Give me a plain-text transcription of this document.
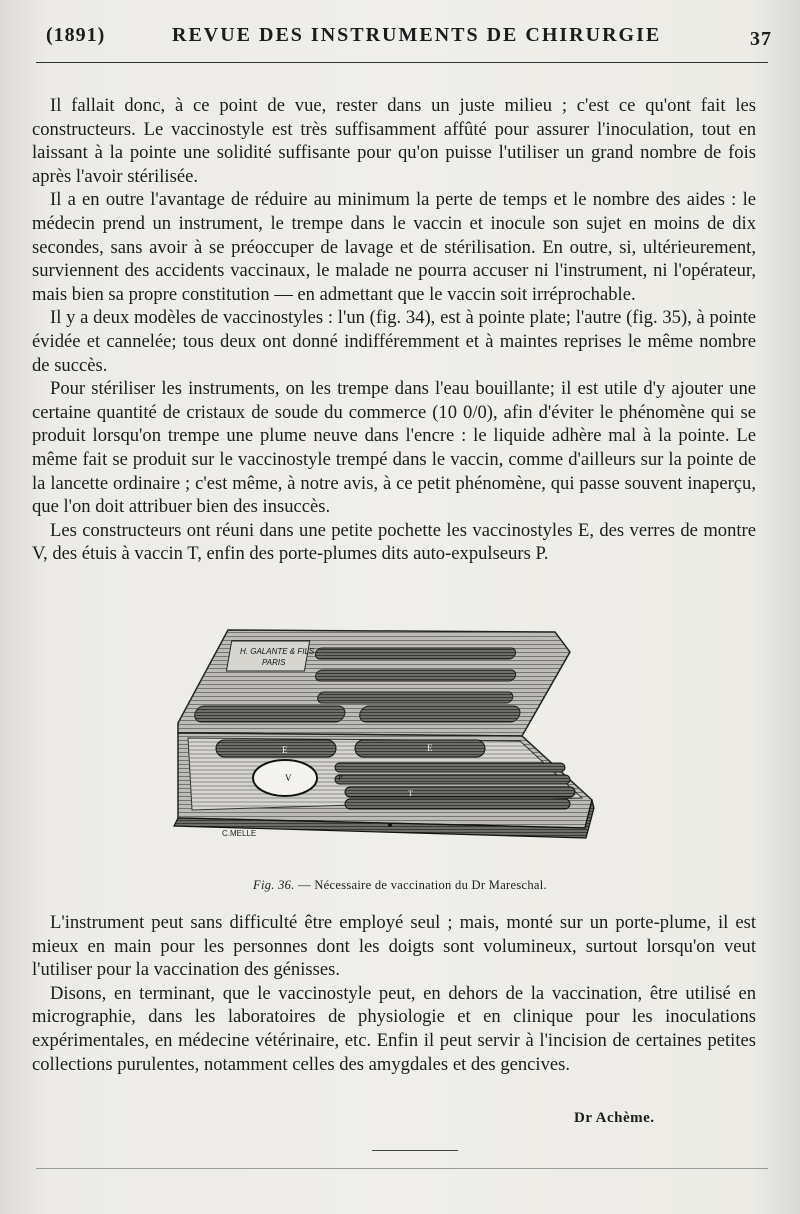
(1891)	REVUE DES INSTRUMENTS DE CHIRURGIE	37

Il fallait donc, à ce point de vue, rester dans un juste milieu ; c'est ce qu'ont fait les constructeurs. Le vaccinostyle est très suffisamment affûté pour assurer l'inoculation, tout en laissant à la pointe une solidité suffisante pour qu'on puisse l'utiliser un grand nombre de fois après l'avoir stérilisée.

Il a en outre l'avantage de réduire au minimum la perte de temps et le nombre des aides : le médecin prend un instrument, le trempe dans le vaccin et inocule son sujet en moins de dix secondes, sans avoir à se préoccuper de lavage et de stérilisation. En outre, si, ultérieurement, surviennent des accidents vaccinaux, le malade ne pourra accuser ni l'instrument, ni l'opérateur, mais bien sa propre constitution — en admettant que le vaccin soit irréprochable.

Il y a deux modèles de vaccinostyles : l'un (fig. 34), est à pointe plate; l'autre (fig. 35), à pointe évidée et cannelée; tous deux ont donné indifféremment et à maintes reprises le même nombre de succès.

Pour stériliser les instruments, on les trempe dans l'eau bouillante; il est utile d'y ajouter une certaine quantité de cristaux de soude du commerce (10 0/0), afin d'éviter le phénomène qui se produit lorsqu'on trempe une plume neuve dans l'encre : le liquide adhère mal à la pointe. Le même fait se produit sur le vaccinostyle trempé dans le vaccin, comme d'ailleurs sur la pointe de la lancette ordinaire ; c'est même, à notre avis, à ce petit phénomène, qui passe souvent inaperçu, que l'on doit attribuer bien des insuccès.

Les constructeurs ont réuni dans une petite pochette les vaccinostyles E, des verres de montre V, des étuis à vaccin T, enfin des porte-plumes dits auto-expulseurs P.

H. GALANTE & FILS
PARIS
E	E
V	P
T
C.MELLE
Fig. 36. — Nécessaire de vaccination du Dr Mareschal.

L'instrument peut sans difficulté être employé seul ; mais, monté sur un porte-plume, il est mieux en main pour les personnes dont les doigts sont volumineux, surtout lorsqu'on veut l'utiliser pour la vaccination des génisses.

Disons, en terminant, que le vaccinostyle peut, en dehors de la vaccination, être utilisé en micrographie, dans les laboratoires de physiologie et en clinique pour les inoculations expérimentales, en médecine vétérinaire, etc. Enfin il peut servir à l'incision de certaines petites collections purulentes, notamment celles des amygdales et des gencives.

Dr Achème.
